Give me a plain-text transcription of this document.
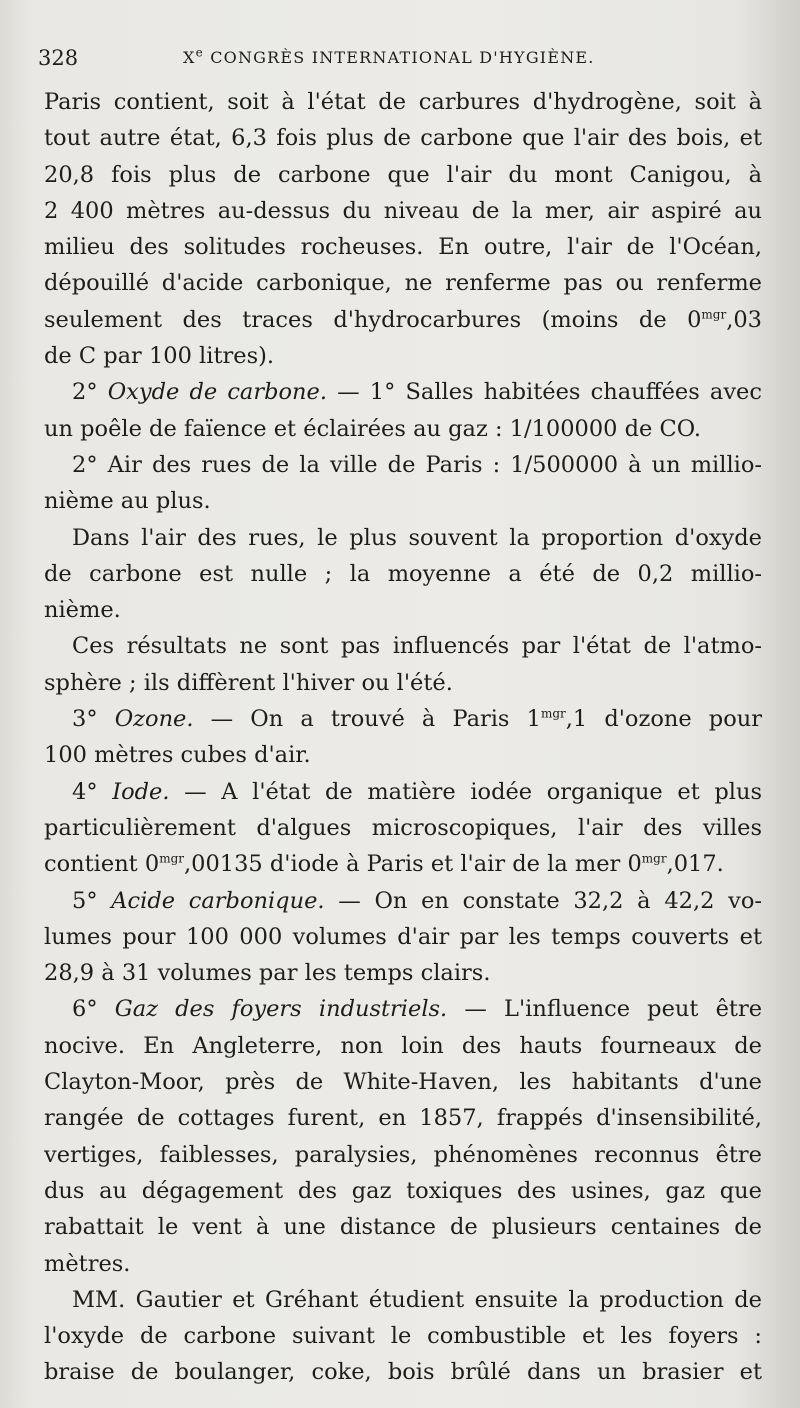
328	Xe CONGRÈS INTERNATIONAL D'HYGIÈNE.
Paris contient, soit à l'état de carbures d'hydrogène, soit à
tout autre état, 6,3 fois plus de carbone que l'air des bois, et
20,8 fois plus de carbone que l'air du mont Canigou, à
2 400 mètres au-dessus du niveau de la mer, air aspiré au
milieu des solitudes rocheuses. En outre, l'air de l'Océan,
dépouillé d'acide carbonique, ne renferme pas ou renferme
seulement des traces d'hydrocarbures (moins de $0^{mgr},03$
de C par 100 litres).
2° Oxyde de carbone. — 1° Salles habitées chauffées avec
un poêle de faïence et éclairées au gaz : 1/100000 de CO.
2° Air des rues de la ville de Paris : 1/500000 à un millio-
nième au plus.
Dans l'air des rues, le plus souvent la proportion d'oxyde
de carbone est nulle ; la moyenne a été de 0,2 millio-
nième.
Ces résultats ne sont pas influencés par l'état de l'atmo-
sphère ; ils diffèrent l'hiver ou l'été.
3° Ozone. — On a trouvé à Paris $1^{mgr},1$ d'ozone pour
100 mètres cubes d'air.
4° Iode. — A l'état de matière iodée organique et plus
particulièrement d'algues microscopiques, l'air des villes
contient $0^{mgr},00135$ d'iode à Paris et l'air de la mer $0^{mgr},017$.
5° Acide carbonique. — On en constate 32,2 à 42,2 vo-
lumes pour 100 000 volumes d'air par les temps couverts et
28,9 à 31 volumes par les temps clairs.
6° Gaz des foyers industriels. — L'influence peut être
nocive. En Angleterre, non loin des hauts fourneaux de
Clayton-Moor, près de White-Haven, les habitants d'une
rangée de cottages furent, en 1857, frappés d'insensibilité,
vertiges, faiblesses, paralysies, phénomènes reconnus être
dus au dégagement des gaz toxiques des usines, gaz que
rabattait le vent à une distance de plusieurs centaines de
mètres.
MM. Gautier et Gréhant étudient ensuite la production de
l'oxyde de carbone suivant le combustible et les foyers :
braise de boulanger, coke, bois brûlé dans un brasier et
